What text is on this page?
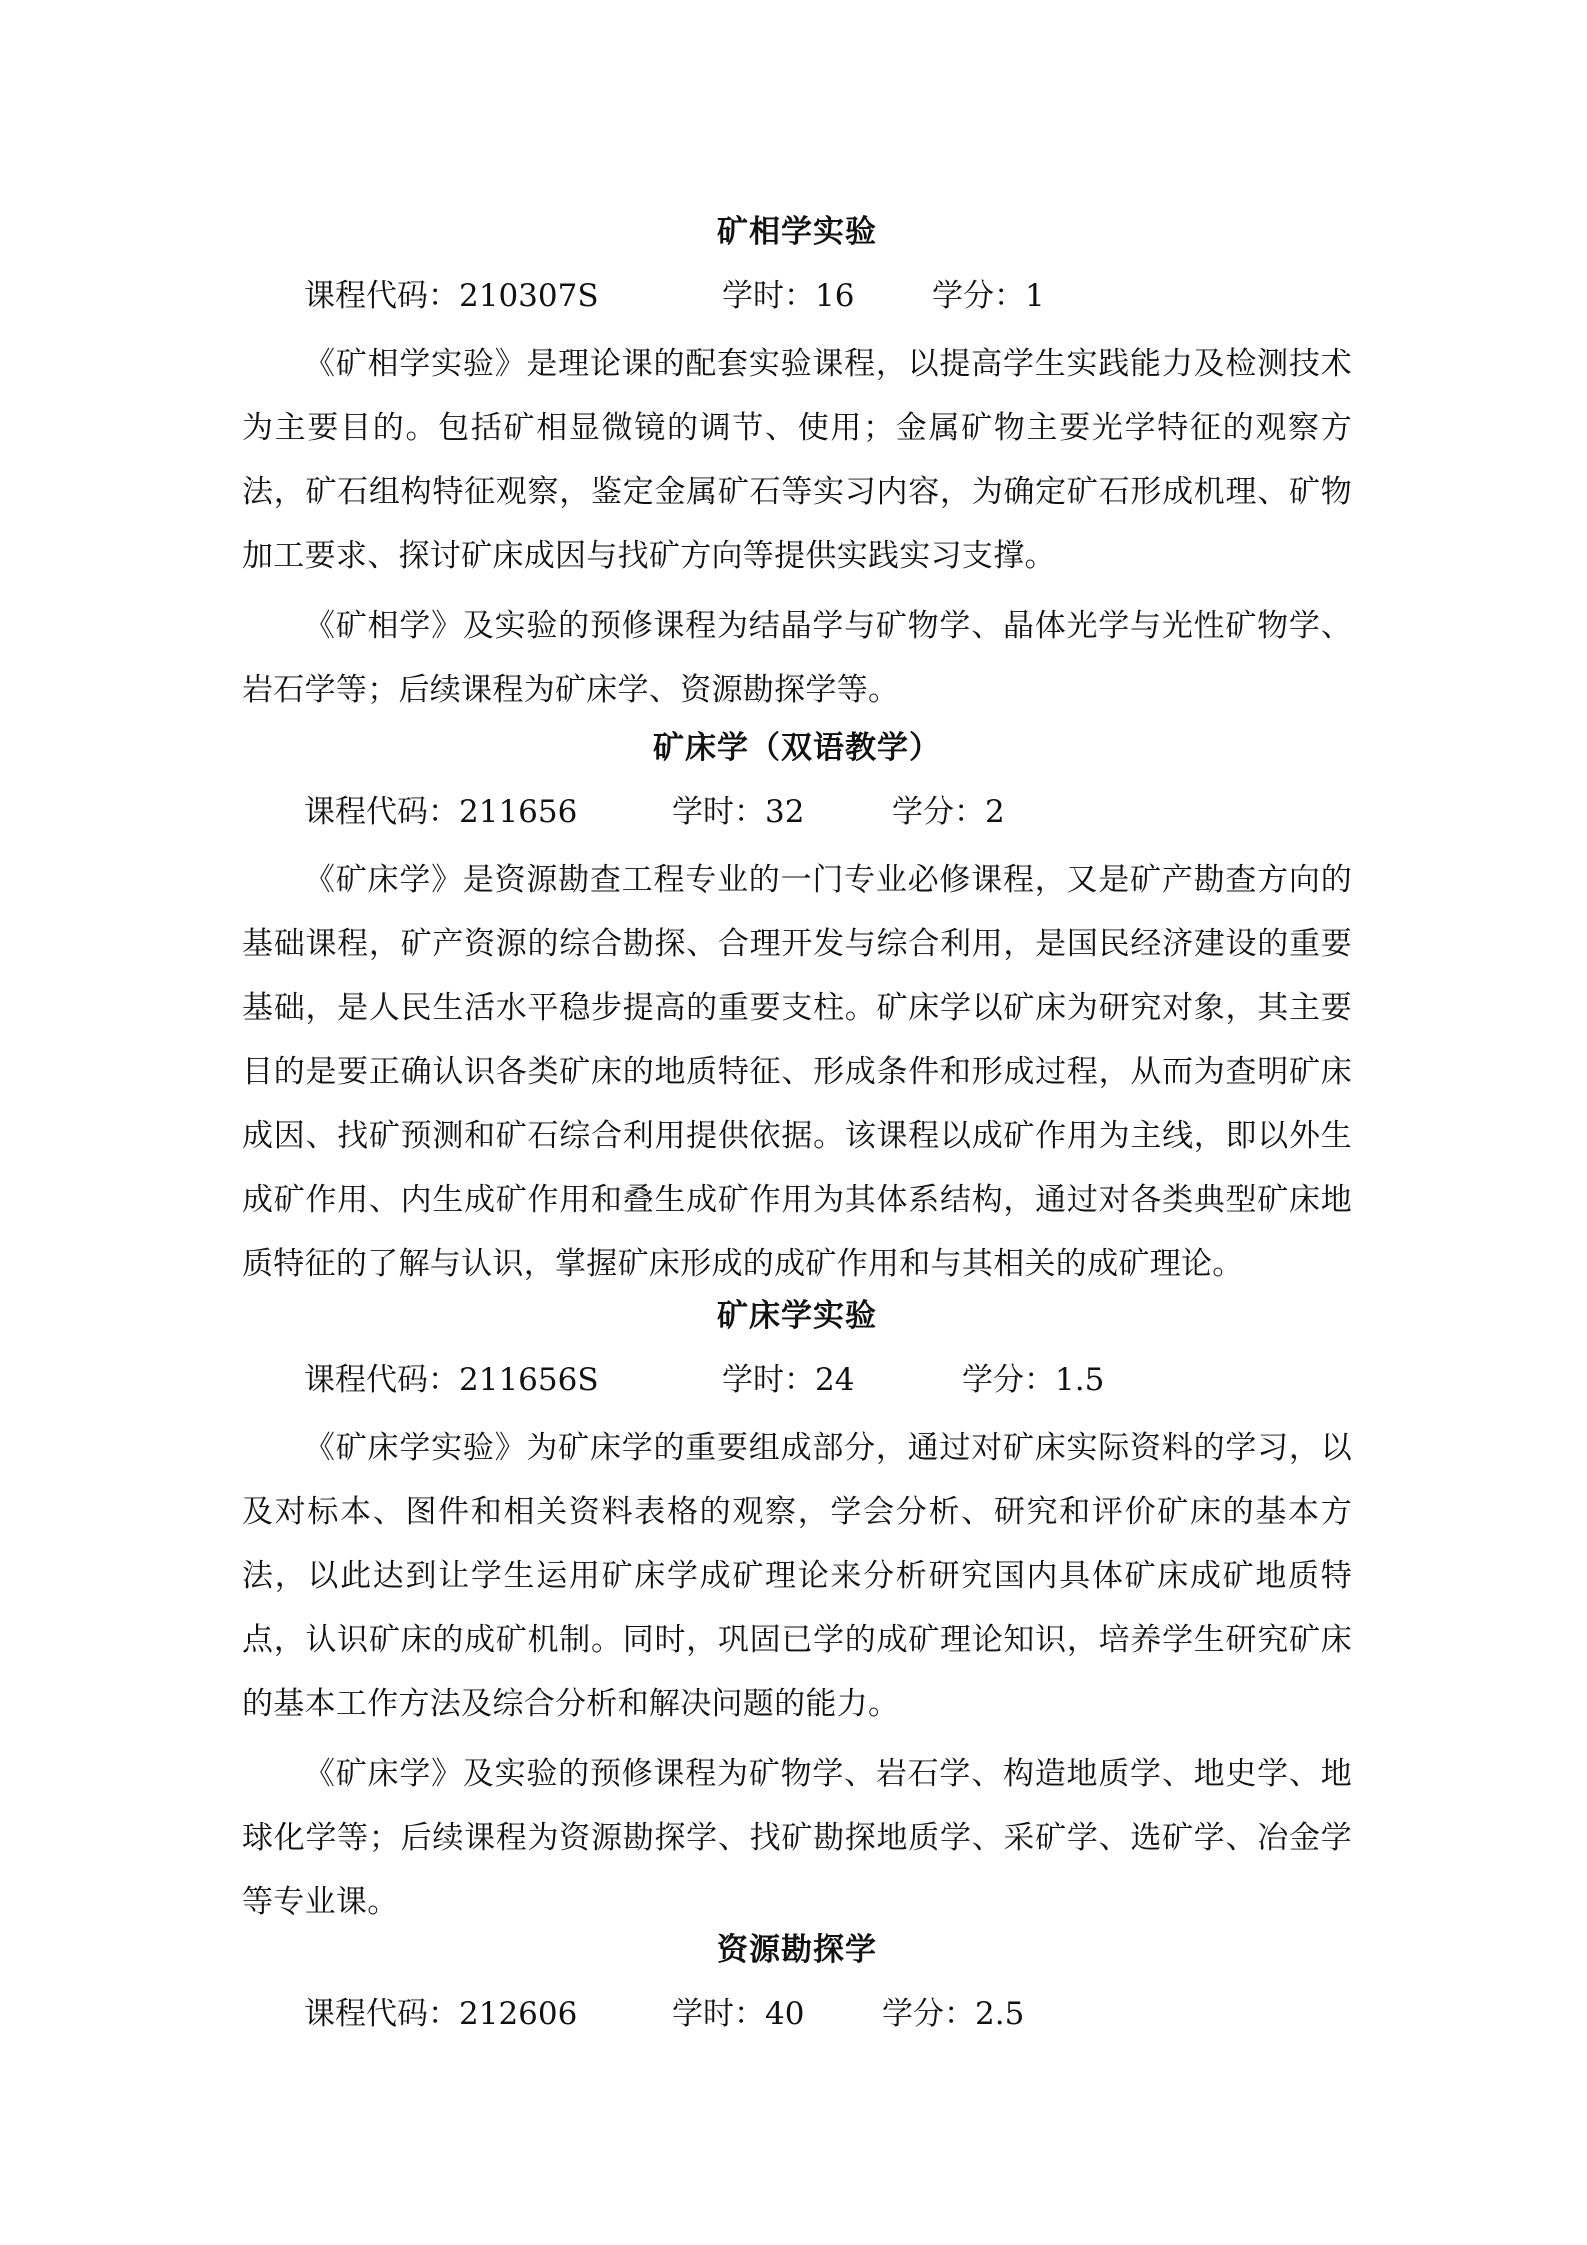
矿相学实验
课程代码：210307S	学时：16	学分：1

《矿相学实验》是理论课的配套实验课程，以提高学生实践能力及检测技术为主要目的。包括矿相显微镜的调节、使用；金属矿物主要光学特征的观察方法，矿石组构特征观察，鉴定金属矿石等实习内容，为确定矿石形成机理、矿物加工要求、探讨矿床成因与找矿方向等提供实践实习支撑。

《矿相学》及实验的预修课程为结晶学与矿物学、晶体光学与光性矿物学、岩石学等；后续课程为矿床学、资源勘探学等。

矿床学（双语教学）
课程代码：211656	学时：32	学分：2

《矿床学》是资源勘查工程专业的一门专业必修课程，又是矿产勘查方向的基础课程，矿产资源的综合勘探、合理开发与综合利用，是国民经济建设的重要基础，是人民生活水平稳步提高的重要支柱。矿床学以矿床为研究对象，其主要目的是要正确认识各类矿床的地质特征、形成条件和形成过程，从而为查明矿床成因、找矿预测和矿石综合利用提供依据。该课程以成矿作用为主线，即以外生成矿作用、内生成矿作用和叠生成矿作用为其体系结构，通过对各类典型矿床地质特征的了解与认识，掌握矿床形成的成矿作用和与其相关的成矿理论。

矿床学实验
课程代码：211656S	学时：24	学分：1.5

《矿床学实验》为矿床学的重要组成部分，通过对矿床实际资料的学习，以及对标本、图件和相关资料表格的观察，学会分析、研究和评价矿床的基本方法，以此达到让学生运用矿床学成矿理论来分析研究国内具体矿床成矿地质特点，认识矿床的成矿机制。同时，巩固已学的成矿理论知识，培养学生研究矿床的基本工作方法及综合分析和解决问题的能力。

《矿床学》及实验的预修课程为矿物学、岩石学、构造地质学、地史学、地球化学等；后续课程为资源勘探学、找矿勘探地质学、采矿学、选矿学、冶金学等专业课。

资源勘探学
课程代码：212606	学时：40	学分：2.5
